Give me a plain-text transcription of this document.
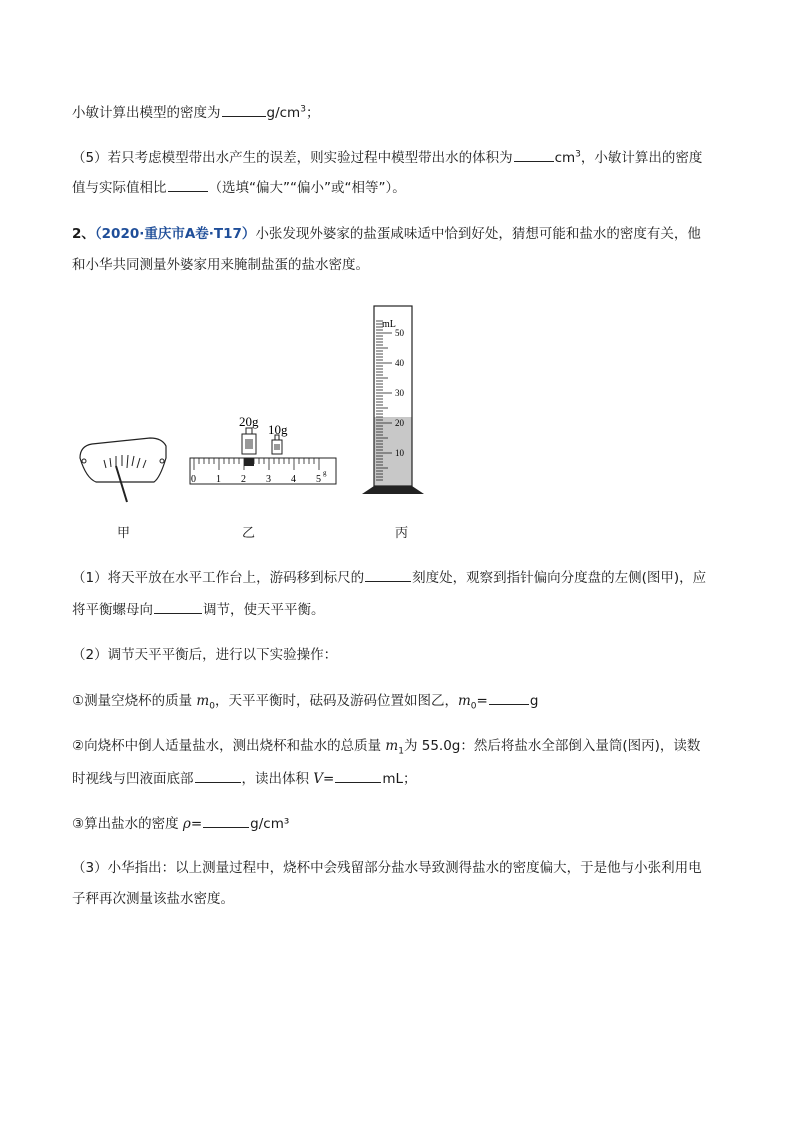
小敏计算出模型的密度为	$g/cm^3$；
（5）若只考虑模型带出水产生的误差，则实验过程中模型带出水的体积为	$cm^3$，小敏计算出的密度
值与实际值相比	（选填“偏大”“偏小”或“相等”）。
2、（2020·重庆市A卷·T17）小张发现外婆家的盐蛋咸味适中恰到好处，猜想可能和盐水的密度有关，他
和小华共同测量外婆家用来腌制盐蛋的盐水密度。
20g
10g
0 1 2 3 4 5
g
mL
50
40
30
20
10
甲	乙	丙
（1）将天平放在水平工作台上，游码移到标尺的	刻度处，观察到指针偏向分度盘的左侧(图甲)，应
将平衡螺母向	调节，使天平平衡。
（2）调节天平平衡后，进行以下实验操作：
①测量空烧杯的质量 $m_0$，天平平衡时，砝码及游码位置如图乙，$m_0=$	g
②向烧杯中倒人适量盐水，测出烧杯和盐水的总质量 $m_1$为 55.0g：然后将盐水全部倒入量筒(图丙)，读数
时视线与凹液面底部	，读出体积 V=	mL；
③算出盐水的密度 ρ=	g/cm³
（3）小华指出：以上测量过程中，烧杯中会残留部分盐水导致测得盐水的密度偏大，于是他与小张利用电
子秤再次测量该盐水密度。
